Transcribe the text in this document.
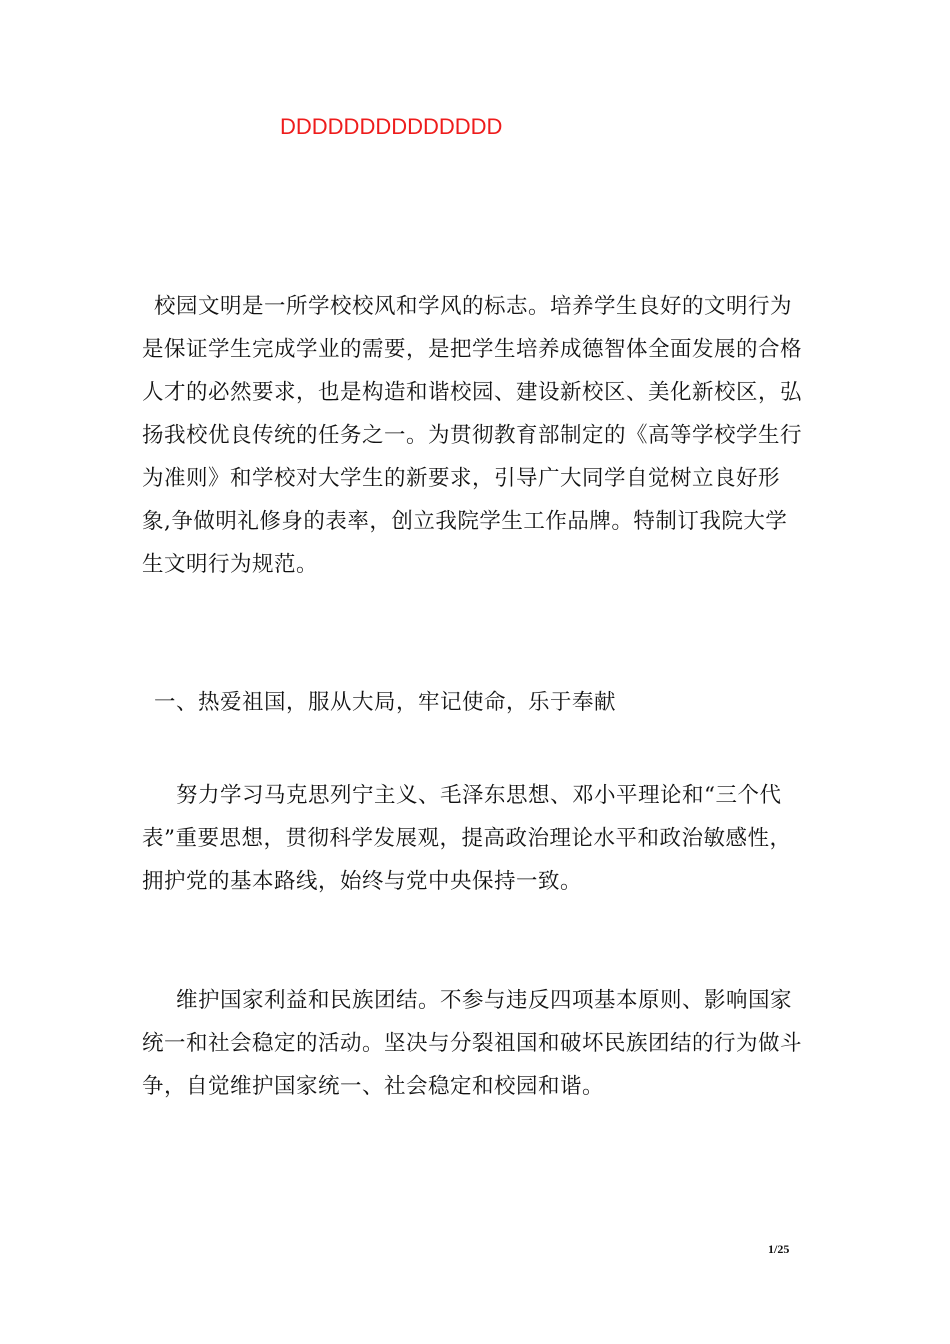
DDDDDDDDDDDDDD

校园文明是一所学校校风和学风的标志。培养学生良好的文明行为是保证学生完成学业的需要，是把学生培养成德智体全面发展的合格人才的必然要求，也是构造和谐校园、建设新校区、美化新校区，弘扬我校优良传统的任务之一。为贯彻教育部制定的《高等学校学生行为准则》和学校对大学生的新要求，引导广大同学自觉树立良好形象,争做明礼修身的表率，创立我院学生工作品牌。特制订我院大学生文明行为规范。

一、热爱祖国，服从大局，牢记使命，乐于奉献

努力学习马克思列宁主义、毛泽东思想、邓小平理论和“三个代表”重要思想，贯彻科学发展观，提高政治理论水平和政治敏感性，拥护党的基本路线，始终与党中央保持一致。

维护国家利益和民族团结。不参与违反四项基本原则、影响国家统一和社会稳定的活动。坚决与分裂祖国和破坏民族团结的行为做斗争，自觉维护国家统一、社会稳定和校园和谐。

1/25
